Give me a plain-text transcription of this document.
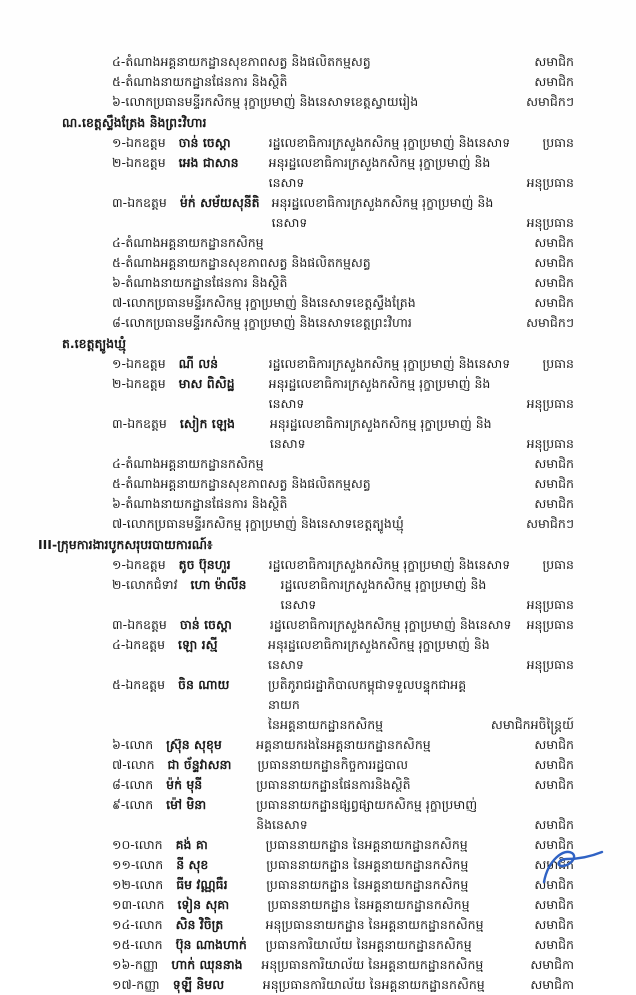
៤-តំណាងអគ្គនាយកដ្ឋានសុខភាពសត្វ និងផលិតកម្មសត្វ	សមាជិក
៥-តំណាងនាយកដ្ឋានផែនការ និងស្ថិតិ	សមាជិក
៦-លោកប្រធានមន្ទីរកសិកម្ម រុក្ខាប្រមាញ់ និងនេសាទខេត្តស្វាយរៀង	សមាជិកៗ
ណ.ខេត្តស្ទឹងត្រែង និងព្រះវិហារ
១-ឯកឧត្តម ចាន់ ចេស្តា	រដ្ឋលេខាធិការក្រសួងកសិកម្ម រុក្ខាប្រមាញ់ និងនេសាទ	ប្រធាន
២-ឯកឧត្តម អេង ជាសាន	អនុរដ្ឋលេខាធិការក្រសួងកសិកម្ម រុក្ខាប្រមាញ់ និងនេសាទ	អនុប្រធាន
៣-ឯកឧត្តម ម៉ក់ សម័យសុនីតិ អនុរដ្ឋលេខាធិការក្រសួងកសិកម្ម រុក្ខាប្រមាញ់ និងនេសាទ	អនុប្រធាន
៤-តំណាងអគ្គនាយកដ្ឋានកសិកម្ម	សមាជិក
៥-តំណាងអគ្គនាយកដ្ឋានសុខភាពសត្វ និងផលិតកម្មសត្វ	សមាជិក
៦-តំណាងនាយកដ្ឋានផែនការ និងស្ថិតិ	សមាជិក
៧-លោកប្រធានមន្ទីរកសិកម្ម រុក្ខាប្រមាញ់ និងនេសាទខេត្តស្ទឹងត្រែង	សមាជិក
៨-លោកប្រធានមន្ទីរកសិកម្ម រុក្ខាប្រមាញ់ និងនេសាទខេត្តព្រះវិហារ	សមាជិកៗ
ត.ខេត្តត្បូងឃ្មុំ
១-ឯកឧត្តម ណី លន់	រដ្ឋលេខាធិការក្រសួងកសិកម្ម រុក្ខាប្រមាញ់ និងនេសាទ	ប្រធាន
២-ឯកឧត្តម មាស ពិសិដ្ឋ	អនុរដ្ឋលេខាធិការក្រសួងកសិកម្ម រុក្ខាប្រមាញ់ និងនេសាទ	អនុប្រធាន
៣-ឯកឧត្តម សៀក ឡេង	អនុរដ្ឋលេខាធិការក្រសួងកសិកម្ម រុក្ខាប្រមាញ់ និងនេសាទ	អនុប្រធាន
៤-តំណាងអគ្គនាយកដ្ឋានកសិកម្ម	សមាជិក
៥-តំណាងអគ្គនាយកដ្ឋានសុខភាពសត្វ និងផលិតកម្មសត្វ	សមាជិក
៦-តំណាងនាយកដ្ឋានផែនការ និងស្ថិតិ	សមាជិក
៧-លោកប្រធានមន្ទីរកសិកម្ម រុក្ខាប្រមាញ់ និងនេសាទខេត្តត្បូងឃ្មុំ	សមាជិកៗ
III-ក្រុមការងារបូកសរុបរបាយការណ៍៖
១-ឯកឧត្តម តូច ប៊ុនហួរ	រដ្ឋលេខាធិការក្រសួងកសិកម្ម រុក្ខាប្រមាញ់ និងនេសាទ	ប្រធាន
២-លោកជំទាវ ហោ ម៉ាលីន	រដ្ឋលេខាធិការក្រសួងកសិកម្ម រុក្ខាប្រមាញ់ និងនេសាទ	អនុប្រធាន
៣-ឯកឧត្តម ចាន់ ចេស្តា	រដ្ឋលេខាធិការក្រសួងកសិកម្ម រុក្ខាប្រមាញ់ និងនេសាទ	អនុប្រធាន
៤-ឯកឧត្តម ឡោ រស្មី	អនុរដ្ឋលេខាធិការក្រសួងកសិកម្ម រុក្ខាប្រមាញ់ និងនេសាទ	អនុប្រធាន
៥-ឯកឧត្តម ចិន ណាយ	ប្រតិភូរាជរដ្ឋាភិបាលកម្ពុជាទទួលបន្ទុកជាអគ្គនាយក
នៃអគ្គនាយកដ្ឋានកសិកម្ម	សមាជិកអចិន្ត្រៃយ៍
៦-លោក ស្រ៊ុន សុខុម	អគ្គនាយករងនៃអគ្គនាយកដ្ឋានកសិកម្ម	សមាជិក
៧-លោក ជា ច័ន្ទវាសនា	ប្រធាននាយកដ្ឋានកិច្ចការរដ្ឋបាល	សមាជិក
៨-លោក ម៉ក់ មុនី	ប្រធាននាយកដ្ឋានផែនការនិងស្ថិតិ	សមាជិក
៩-លោក ម៉ៅ មិនា	ប្រធាននាយកដ្ឋានផ្សព្វផ្សាយកសិកម្ម រុក្ខាប្រមាញ់
និងនេសាទ	សមាជិក
១០-លោក គង់ គា	ប្រធាននាយកដ្ឋាន នៃអគ្គនាយកដ្ឋានកសិកម្ម	សមាជិក
១១-លោក នី សុខ	ប្រធាននាយកដ្ឋាន នៃអគ្គនាយកដ្ឋានកសិកម្ម	សមាជិក
១២-លោក ធីម វណ្ណធឺរ	ប្រធាននាយកដ្ឋាន នៃអគ្គនាយកដ្ឋានកសិកម្ម	សមាជិក
១៣-លោក ទៀន សុគា	ប្រធាននាយកដ្ឋាន នៃអគ្គនាយកដ្ឋានកសិកម្ម	សមាជិក
១៤-លោក សិន វិចិត្រ	អនុប្រធាននាយកដ្ឋាន នៃអគ្គនាយកដ្ឋានកសិកម្ម	សមាជិក
១៥-លោក ប៊ុន ណាងហាក់	ប្រធានការិយាល័យ នៃអគ្គនាយកដ្ឋានកសិកម្ម	សមាជិក
១៦-កញ្ញា ហាក់ ឈុននាង	អនុប្រធានការិយាល័យ នៃអគ្គនាយកដ្ឋានកសិកម្ម	សមាជិកា
១៧-កញ្ញា ទុឡ្លី និមល	អនុប្រធានការិយាល័យ នៃអគ្គនាយកដ្ឋានកសិកម្ម	សមាជិកា
